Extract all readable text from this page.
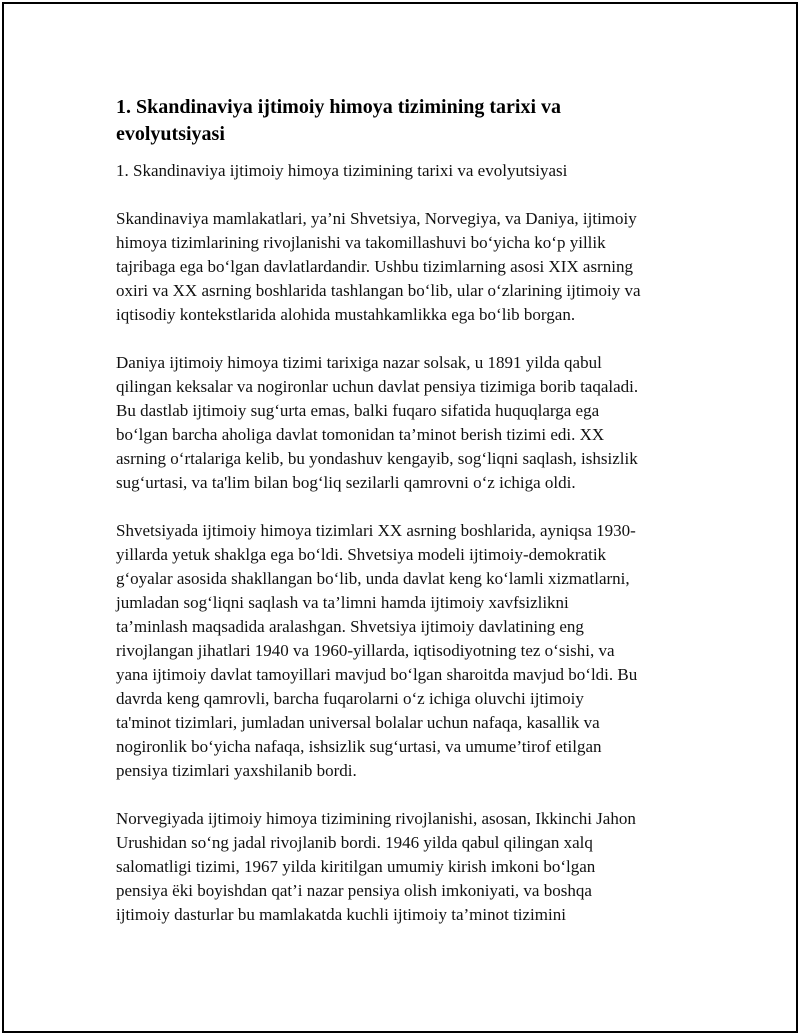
1. Skandinaviya ijtimoiy himoya tizimining tarixi va
evolyutsiyasi
1. Skandinaviya ijtimoiy himoya tizimining tarixi va evolyutsiyasi
Skandinaviya mamlakatlari, ya’ni Shvetsiya, Norvegiya, va Daniya, ijtimoiy
himoya tizimlarining rivojlanishi va takomillashuvi bo‘yicha ko‘p yillik
tajribaga ega bo‘lgan davlatlardandir. Ushbu tizimlarning asosi XIX asrning
oxiri va XX asrning boshlarida tashlangan bo‘lib, ular o‘zlarining ijtimoiy va
iqtisodiy kontekstlarida alohida mustahkamlikka ega bo‘lib borgan.
Daniya ijtimoiy himoya tizimi tarixiga nazar solsak, u 1891 yilda qabul
qilingan keksalar va nogironlar uchun davlat pensiya tizimiga borib taqaladi.
Bu dastlab ijtimoiy sug‘urta emas, balki fuqaro sifatida huquqlarga ega
bo‘lgan barcha aholiga davlat tomonidan ta’minot berish tizimi edi. XX
asrning o‘rtalariga kelib, bu yondashuv kengayib, sog‘liqni saqlash, ishsizlik
sug‘urtasi, va ta'lim bilan bog‘liq sezilarli qamrovni o‘z ichiga oldi.
Shvetsiyada ijtimoiy himoya tizimlari XX asrning boshlarida, ayniqsa 1930-
yillarda yetuk shaklga ega bo‘ldi. Shvetsiya modeli ijtimoiy-demokratik
g‘oyalar asosida shakllangan bo‘lib, unda davlat keng ko‘lamli xizmatlarni,
jumladan sog‘liqni saqlash va ta’limni hamda ijtimoiy xavfsizlikni
ta’minlash maqsadida aralashgan. Shvetsiya ijtimoiy davlatining eng
rivojlangan jihatlari 1940 va 1960-yillarda, iqtisodiyotning tez o‘sishi, va
yana ijtimoiy davlat tamoyillari mavjud bo‘lgan sharoitda mavjud bo‘ldi. Bu
davrda keng qamrovli, barcha fuqarolarni o‘z ichiga oluvchi ijtimoiy
ta'minot tizimlari, jumladan universal bolalar uchun nafaqa, kasallik va
nogironlik bo‘yicha nafaqa, ishsizlik sug‘urtasi, va umume’tirof etilgan
pensiya tizimlari yaxshilanib bordi.
Norvegiyada ijtimoiy himoya tizimining rivojlanishi, asosan, Ikkinchi Jahon
Urushidan so‘ng jadal rivojlanib bordi. 1946 yilda qabul qilingan xalq
salomatligi tizimi, 1967 yilda kiritilgan umumiy kirish imkoni bo‘lgan
pensiya ëki boyishdan qat’i nazar pensiya olish imkoniyati, va boshqa
ijtimoiy dasturlar bu mamlakatda kuchli ijtimoiy ta’minot tizimini
